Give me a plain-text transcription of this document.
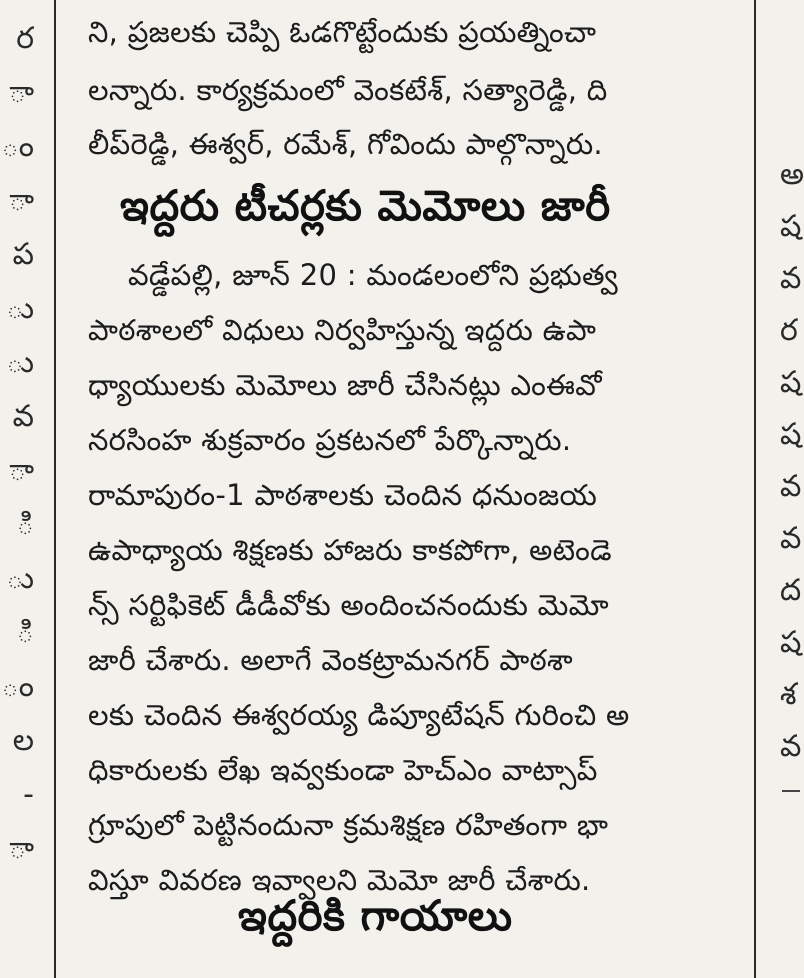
ర
ా
ం
ా
ప
ు
ు
వ
ా
ి
ు
ి
ం
ల
-
ా
అ
ష
వ
ర
ష
ష
వ
వ
ద
ష
శ
వ
ని, ప్రజలకు చెప్పి ఓడగొట్టేందుకు ప్రయత్నించా
లన్నారు. కార్యక్రమంలో వెంకటేశ్, సత్యారెడ్డి, ది
లీప్‌రెడ్డి, ఈశ్వర్, రమేశ్, గోవిందు పాల్గొన్నారు.
వడ్డేపల్లి, జూన్ 20 : మండలంలోని ప్రభుత్వ
పాఠశాలలో విధులు నిర్వహిస్తున్న ఇద్దరు ఉపా
ధ్యాయులకు మెమోలు జారీ చేసినట్లు ఎంఈవో
నరసింహ శుక్రవారం ప్రకటనలో పేర్కొన్నారు.
రామాపురం-1 పాఠశాలకు చెందిన ధనుంజయ
ఉపాధ్యాయ శిక్షణకు హాజరు కాకపోగా, అటెండె
న్స్ సర్టిఫికెట్ డీడీవోకు అందించనందుకు మెమో
జారీ చేశారు. అలాగే వెంకట్రామనగర్ పాఠశా
లకు చెందిన ఈశ్వరయ్య డిప్యూటేషన్ గురించి అ
ధికారులకు లేఖ ఇవ్వకుండా హెచ్ఎం వాట్సాప్
గ్రూపులో పెట్టినందునా క్రమశిక్షణ రహితంగా భా
విస్తూ వివరణ ఇవ్వాలని మెమో జారీ చేశారు.
ఇద్దరు టీచర్లకు మెమోలు జారీ
ఇద్దరికి గాయాలు
